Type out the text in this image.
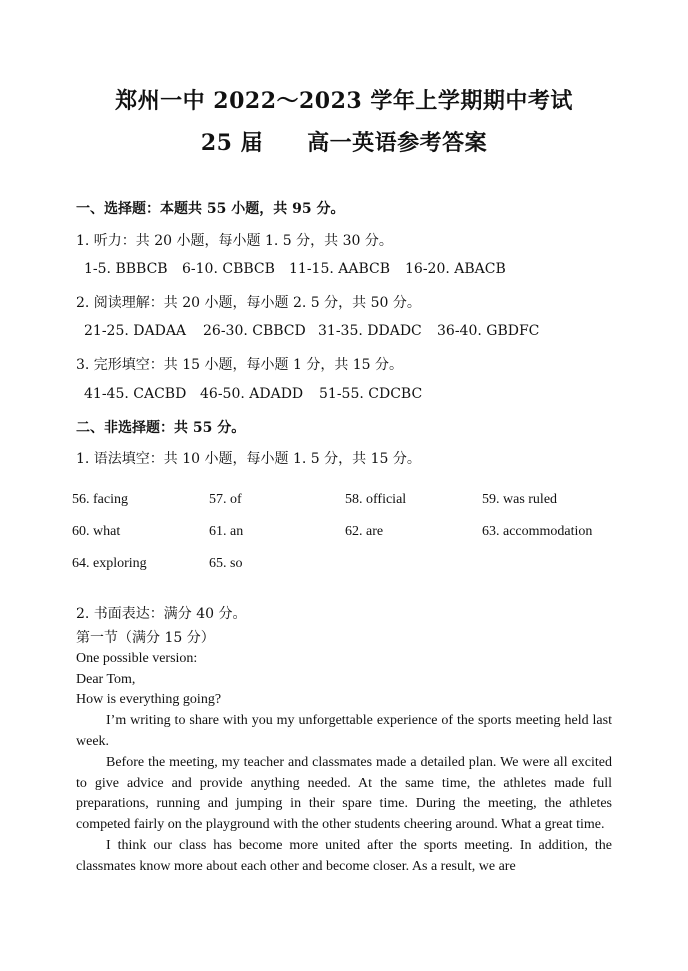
郑州一中 2022～2023 学年上学期期中考试
25 届 高一英语参考答案
一、选择题：本题共 55 小题，共 95 分。
1. 听力：共 20 小题，每小题 1. 5 分，共 30 分。
1-5. BBBCB 6-10. CBBCB 11-15. AABCB 16-20. ABACB
2. 阅读理解：共 20 小题，每小题 2. 5 分，共 50 分。
21-25. DADAA 26-30. CBBCD 31-35. DDADC 36-40. GBDFC
3. 完形填空：共 15 小题，每小题 1 分，共 15 分。
41-45. CACBD 46-50. ADADD 51-55. CDCBC
二、非选择题：共 55 分。
1. 语法填空：共 10 小题，每小题 1. 5 分，共 15 分。
56. facing	57. of	58. official	59. was ruled
60. what	61. an	62. are	63. accommodation
64. exploring	65. so
2. 书面表达：满分 40 分。

第一节（满分 15 分）

One possible version:

Dear Tom,

How is everything going?

I’m writing to share with you my unforgettable experience of the sports meeting held last week.

Before the meeting, my teacher and classmates made a detailed plan. We were all excited to give advice and provide anything needed. At the same time, the athletes made full preparations, running and jumping in their spare time. During the meeting, the athletes competed fairly on the playground with the other students cheering around. What a great time.

I think our class has become more united after the sports meeting. In addition, the classmates know more about each other and become closer. As a result, we are
